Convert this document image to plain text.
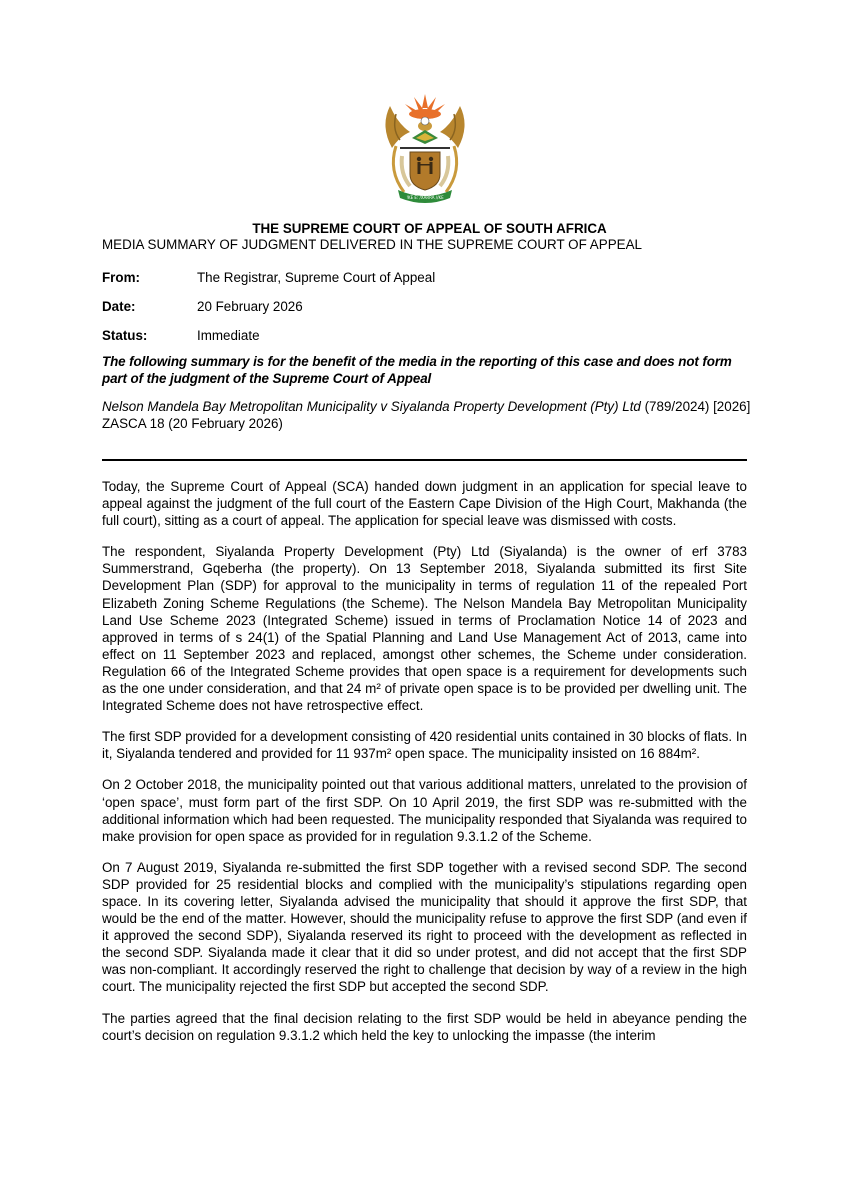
!KE E: /XARRA //KE
THE SUPREME COURT OF APPEAL OF SOUTH AFRICA
MEDIA SUMMARY OF JUDGMENT DELIVERED IN THE SUPREME COURT OF APPEAL
From:	The Registrar, Supreme Court of Appeal
Date:	20 February 2026
Status:	Immediate
The following summary is for the benefit of the media in the reporting of this case and does not form part of the judgment of the Supreme Court of Appeal
Nelson Mandela Bay Metropolitan Municipality v Siyalanda Property Development (Pty) Ltd (789/2024) [2026] ZASCA 18 (20 February 2026)

Today, the Supreme Court of Appeal (SCA) handed down judgment in an application for special leave to appeal against the judgment of the full court of the Eastern Cape Division of the High Court, Makhanda (the full court), sitting as a court of appeal. The application for special leave was dismissed with costs.

The respondent, Siyalanda Property Development (Pty) Ltd (Siyalanda) is the owner of erf 3783 Summerstrand, Gqeberha (the property). On 13 September 2018, Siyalanda submitted its first Site Development Plan (SDP) for approval to the municipality in terms of regulation 11 of the repealed Port Elizabeth Zoning Scheme Regulations (the Scheme). The Nelson Mandela Bay Metropolitan Municipality Land Use Scheme 2023 (Integrated Scheme) issued in terms of Proclamation Notice 14 of 2023 and approved in terms of s 24(1) of the Spatial Planning and Land Use Management Act of 2013, came into effect on 11 September 2023 and replaced, amongst other schemes, the Scheme under consideration. Regulation 66 of the Integrated Scheme provides that open space is a requirement for developments such as the one under consideration, and that 24 m² of private open space is to be provided per dwelling unit. The Integrated Scheme does not have retrospective effect.

The first SDP provided for a development consisting of 420 residential units contained in 30 blocks of flats. In it, Siyalanda tendered and provided for 11 937m² open space. The municipality insisted on 16 884m².

On 2 October 2018, the municipality pointed out that various additional matters, unrelated to the provision of ‘open space’, must form part of the first SDP. On 10 April 2019, the first SDP was re-submitted with the additional information which had been requested. The municipality responded that Siyalanda was required to make provision for open space as provided for in regulation 9.3.1.2 of the Scheme.

On 7 August 2019, Siyalanda re-submitted the first SDP together with a revised second SDP. The second SDP provided for 25 residential blocks and complied with the municipality’s stipulations regarding open space. In its covering letter, Siyalanda advised the municipality that should it approve the first SDP, that would be the end of the matter. However, should the municipality refuse to approve the first SDP (and even if it approved the second SDP), Siyalanda reserved its right to proceed with the development as reflected in the second SDP. Siyalanda made it clear that it did so under protest, and did not accept that the first SDP was non-compliant. It accordingly reserved the right to challenge that decision by way of a review in the high court. The municipality rejected the first SDP but accepted the second SDP.

The parties agreed that the final decision relating to the first SDP would be held in abeyance pending the court’s decision on regulation 9.3.1.2 which held the key to unlocking the impasse (the interim
